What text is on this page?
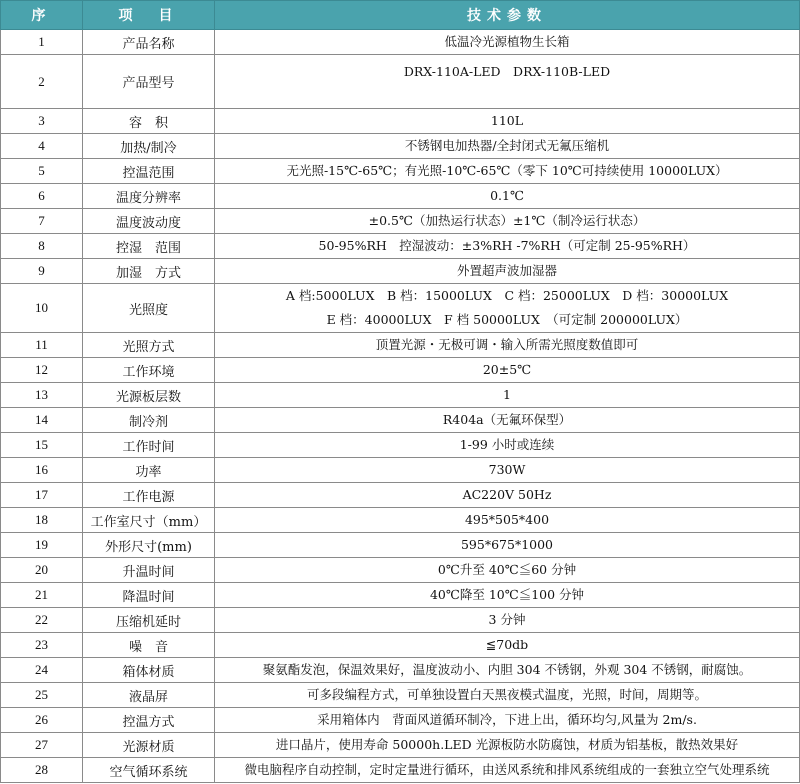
序	项　目	技术参数
1	产品名称	低温冷光源植物生长箱

2	产品型号	DRX-110A-LED　DRX-110B-LED

3	容　积	110L

4	加热/制冷	不锈钢电加热器/全封闭式无氟压缩机

5	控温范围	无光照-15℃-65℃；有光照-10℃-65℃（零下 10℃可持续使用 10000LUX）

6	温度分辨率	0.1℃

7	温度波动度	±0.5℃（加热运行状态）±1℃（制冷运行状态）

8	控湿　范围	50-95%RH　控湿波动：±3%RH -7%RH（可定制 25-95%RH）

9	加湿　方式	外置超声波加湿器

10	光照度	A 档:5000LUX　B 档：15000LUX　C 档：25000LUX　D 档：30000LUX
E 档：40000LUX　F 档 50000LUX　（可定制 200000LUX）

11	光照方式	顶置光源・无极可调・输入所需光照度数值即可

12	工作环境	20±5℃

13	光源板层数	1

14	制冷剂	R404a（无氟环保型）

15	工作时间	1-99 小时或连续

16	功率	730W

17	工作电源	AC220V 50Hz

18	工作室尺寸（mm）	495*505*400

19	外形尺寸(mm)	595*675*1000

20	升温时间	0℃升至 40℃≦60 分钟

21	降温时间	40℃降至 10℃≦100 分钟

22	压缩机延时	3 分钟

23	噪　音	≦70db

24	箱体材质	聚氨酯发泡，保温效果好，温度波动小、内胆 304 不锈钢，外观 304 不锈钢，耐腐蚀。

25	液晶屏	可多段编程方式，可单独设置白天黑夜模式温度，光照，时间，周期等。

26	控温方式	采用箱体内　背面风道循环制冷，下进上出，循环均匀,风量为 2m/s.

27	光源材质	进口晶片，使用寿命 50000h.LED 光源板防水防腐蚀，材质为铝基板，散热效果好

28	空气循环系统	微电脑程序自动控制，定时定量进行循环，由送风系统和排风系统组成的一套独立空气处理系统
